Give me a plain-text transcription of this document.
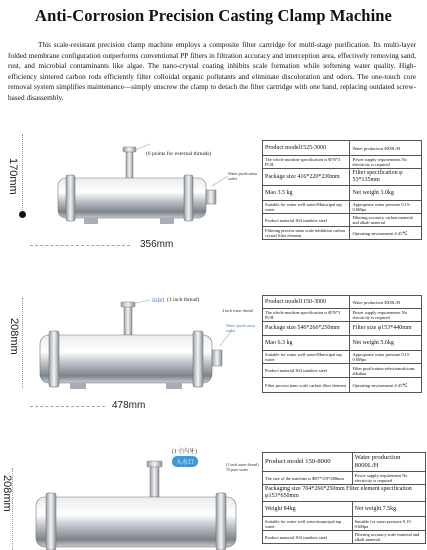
Anti-Corrosion Precision Casting Clamp Machine
This scale-resistant precision clamp machine employs a composite filter cartridge for multi-stage purification. Its multi-layer folded membrane configuration outperforms conventional PP filters in filtration accuracy and interception area, effectively removing sand, rust, and microbial contaminants like algae. The nano-crystal coating inhibits scale formation while softening water quality. High-efficiency sintered carbon rods efficiently filter colloidal organic pollutants and eliminate discoloration and odors. The one-touch core removal system simplifies maintenance—simply unscrew the clamp to detach the filter cartridge with one hand, replacing outdated screw-based disassembly.
170mm
356mm
(6 points for external threads)
Water purification outlet
Product model1525-3000	Water production 3000L/H
The whole machine specification is Φ76*3 PCH	Power supply requirements No electricity is required
Package size 416*220*230mm	Filter specification φ 53*135mm
Mao 3.5 kg	Net weight 3.0kg
Suitable for water well water/Municipal tap water	Appropriate water pressure 0.15-0.6Mpa
Product material 304 stainless steel	Filtering accuracy carbon material and alkali material
Filtering process nano scale inhibition carbon crystal filter element	Operating environment 4-45℃
208mm
478mm
inlet (1 inch thread)
4 inch water thread
Water purification outlet
Product model1150-3000	Water production 3000L/H
The whole machine specification is Φ76*3 PCH	Power supply requirements No electricity is required
Package size 546*266*250mm	Filter size φ153*440mm
Mao 6.3 kg	Net weight 5.6kg
Suitable for water well water/Municipal tap water	Appropriate water pressure 0.15-0.6Mpa
Product material 304 stainless steel	Filter purification selectioncalcium, alkaline
Filter process nano scale carbon filter element	Operating environment 4-45℃
208mm
(1寸内牙)
入水口	(1 inch outer thread) 76 pure water
Product model 150-8000	Water production 8000L/H
The size of the machine is Φ87*119*288mm	Power supply requirement No electricity is required
Packaging size 704*266*250mm Filter element specification φ153*650mm	
Weight 84kg	Net weight 7.5kg
Suitable for water well water/municipal tap water	Suitable for water pressure 0.15-0.6Mpa
Product material 304 stainless steel	Filtering accuracy scale material and alkali material
